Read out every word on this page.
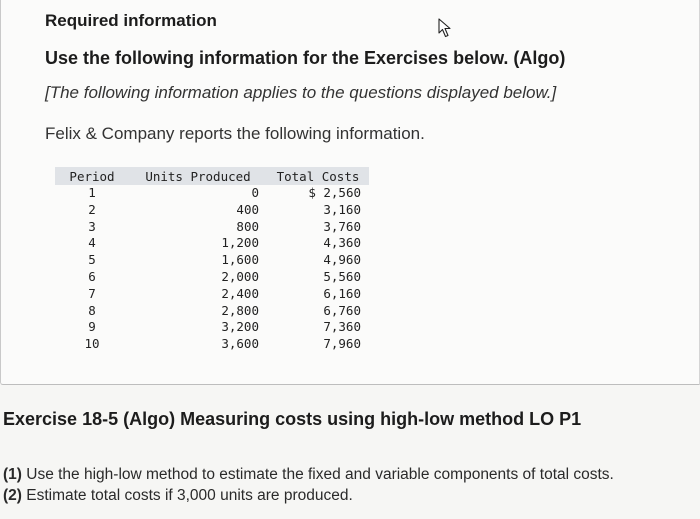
Required information
Use the following information for the Exercises below. (Algo)
[The following information applies to the questions displayed below.]
Felix & Company reports the following information.
Period	Units Produced	Total Costs
1	0	$ 2,560
2	400	3,160
3	800	3,760
4	1,200	4,360
5	1,600	4,960
6	2,000	5,560
7	2,400	6,160
8	2,800	6,760
9	3,200	7,360
10	3,600	7,960
Exercise 18-5 (Algo) Measuring costs using high-low method LO P1
(1) Use the high-low method to estimate the fixed and variable components of total costs.
(2) Estimate total costs if 3,000 units are produced.
